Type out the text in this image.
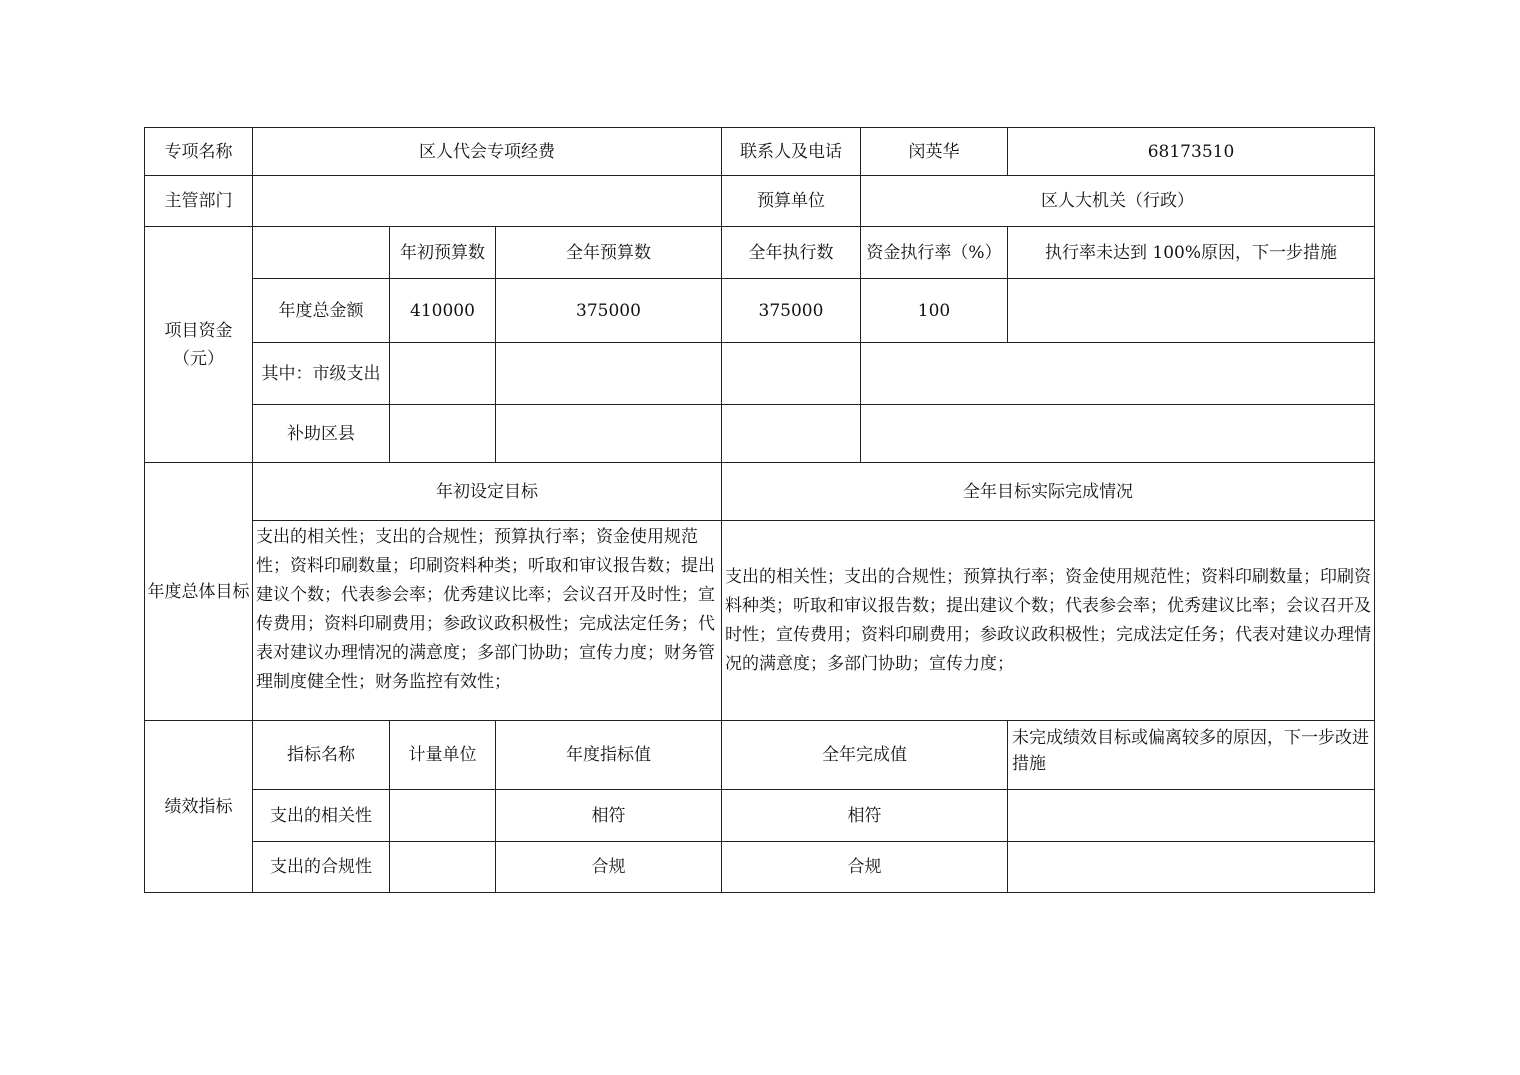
专项名称	区人代会专项经费			联系人及电话	闵英华	68173510
主管部门				预算单位	区人大机关（行政）	
项目资金（元）		年初预算数	全年预算数	全年执行数	资金执行率（%）	执行率未达到 100%原因，下一步措施
	年度总金额	410000	375000	375000	100	
	其中：市级支出					
	补助区县					
年度总体目标	年初设定目标			全年目标实际完成情况		
	支出的相关性；支出的合规性；预算执行率；资金使用规范性；资料印刷数量；印刷资料种类；听取和审议报告数；提出建议个数；代表参会率；优秀建议比率；会议召开及时性；宣传费用；资料印刷费用；参政议政积极性；完成法定任务；代表对建议办理情况的满意度；多部门协助；宣传力度；财务管理制度健全性；财务监控有效性；			支出的相关性；支出的合规性；预算执行率；资金使用规范性；资料印刷数量；印刷资料种类；听取和审议报告数；提出建议个数；代表参会率；优秀建议比率；会议召开及时性；宣传费用；资料印刷费用；参政议政积极性；完成法定任务；代表对建议办理情况的满意度；多部门协助；宣传力度；		
绩效指标	指标名称	计量单位	年度指标值	全年完成值		未完成绩效目标或偏离较多的原因，下一步改进措施
	支出的相关性		相符	相符		
	支出的合规性		合规	合规		
